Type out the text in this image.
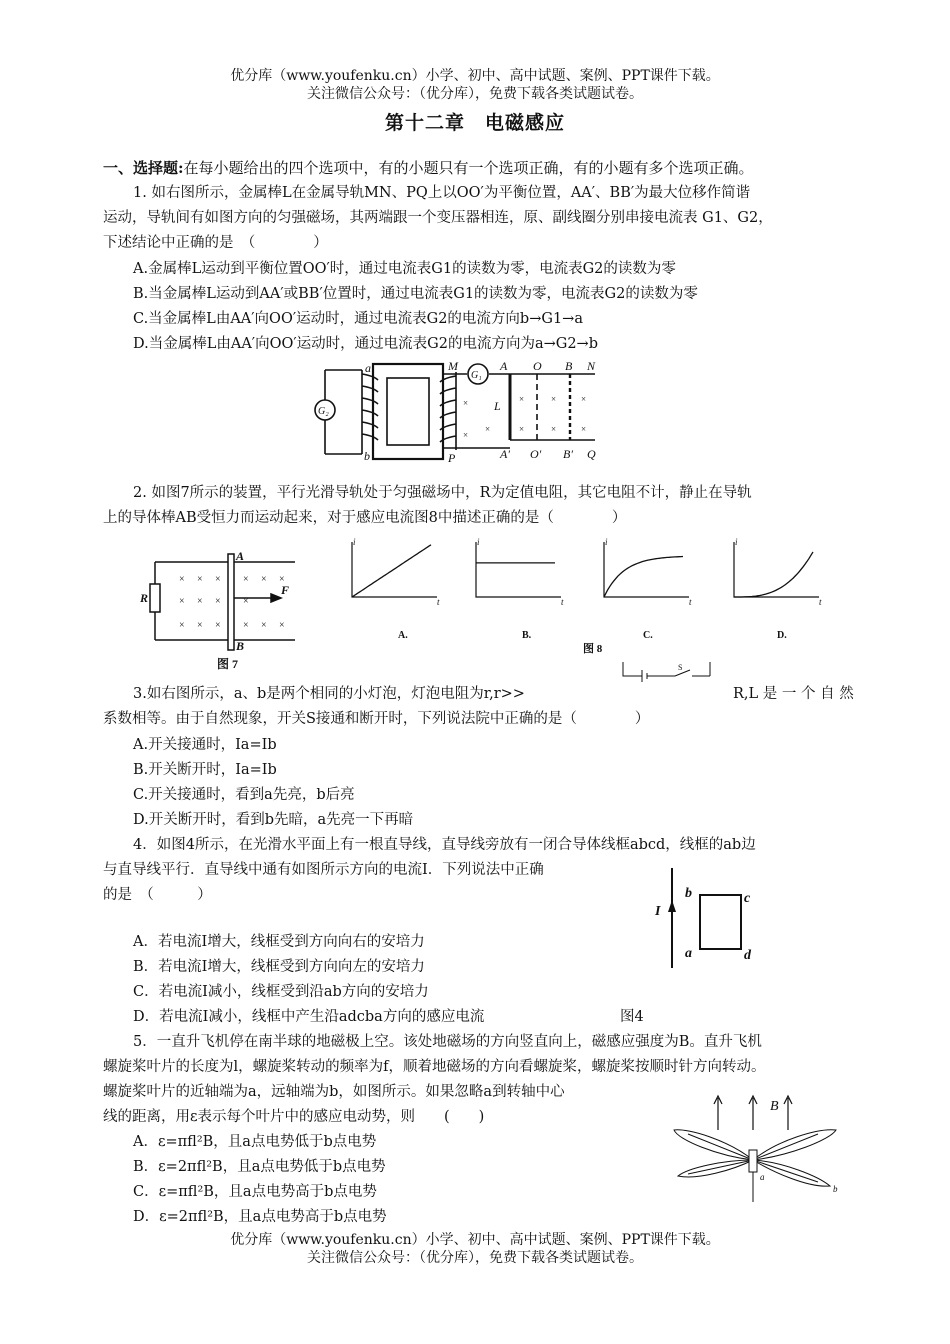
优分库（www.youfenku.cn）小学、初中、高中试题、案例、PPT课件下载。
关注微信公众号：（优分库），免费下载各类试题试卷。
第十二章　电磁感应
一、选择题:在每小题给出的四个选项中，有的小题只有一个选项正确，有的小题有多个选项正确。
1. 如右图所示，金属棒L在金属导轨MN、PQ上以OO′为平衡位置，AA′、BB′为最大位移作简谐
运动，导轨间有如图方向的匀强磁场，其两端跟一个变压器相连，原、副线圈分别串接电流表 G1、G2，
下述结论中正确的是　（　　　　）
A.金属棒L运动到平衡位置OO′时，通过电流表G1的读数为零，电流表G2的读数为零
B.当金属棒L运动到AA′或BB′位置时，通过电流表G1的读数为零，电流表G2的读数为零
C.当金属棒L由AA′向OO′运动时，通过电流表G2的电流方向b→G1→a
D.当金属棒L由AA′向OO′运动时，通过电流表G2的电流方向为a→G2→b
G₂
G₁
a
b
M
P
A O B N
L
A′ O′ B′ Q
×
×
×
×
×
×
×
×
×
2. 如图7所示的装置，平行光滑导轨处于匀强磁场中，R为定值电阻，其它电阻不计，静止在导轨
上的导体棒AB受恒力而运动起来，对于感应电流图8中描述正确的是（　　　　）
R
A
B
F
图 7
× × × × × ×
× × × ×
× × × × × ×
A.	B.	C.	D.
图 8
i
t
i
t
i
t
i
t
S
3.如右图所示，a、b是两个相同的小灯泡，灯泡电阻为r,r>>	R,L 是 一 个 自 然
系数相等。由于自然现象，开关S接通和断开时，下列说法院中正确的是（　　　　）
A.开关接通时，Ia=Ib
B.开关断开时，Ia=Ib
C.开关接通时，看到a先亮，b后亮
D.开关断开时，看到b先暗，a先亮一下再暗
4．如图4所示，在光滑水平面上有一根直导线，直导线旁放有一闭合导体线框abcd，线框的ab边
与直导线平行．直导线中通有如图所示方向的电流I．下列说法中正确
的是　（　　　）
I
b	c
a	d
A．若电流I增大，线框受到方向向右的安培力
B．若电流I增大，线框受到方向向左的安培力
C．若电流I减小，线框受到沿ab方向的安培力
D．若电流I减小，线框中产生沿adcba方向的感应电流	图4
5．一直升飞机停在南半球的地磁极上空。该处地磁场的方向竖直向上，磁感应强度为B。直升飞机
螺旋桨叶片的长度为l，螺旋桨转动的频率为f，顺着地磁场的方向看螺旋桨，螺旋桨按顺时针方向转动。
螺旋桨叶片的近轴端为a，远轴端为b，如图所示。如果忽略a到转轴中心
线的距离，用ε表示每个叶片中的感应电动势，则　　(　　)
A．ε=πfl²B，且a点电势低于b点电势
B．ε=2πfl²B，且a点电势低于b点电势
C．ε=πfl²B，且a点电势高于b点电势
D．ε=2πfl²B，且a点电势高于b点电势
B
a
b
优分库（www.youfenku.cn）小学、初中、高中试题、案例、PPT课件下载。
关注微信公众号：（优分库），免费下载各类试题试卷。
